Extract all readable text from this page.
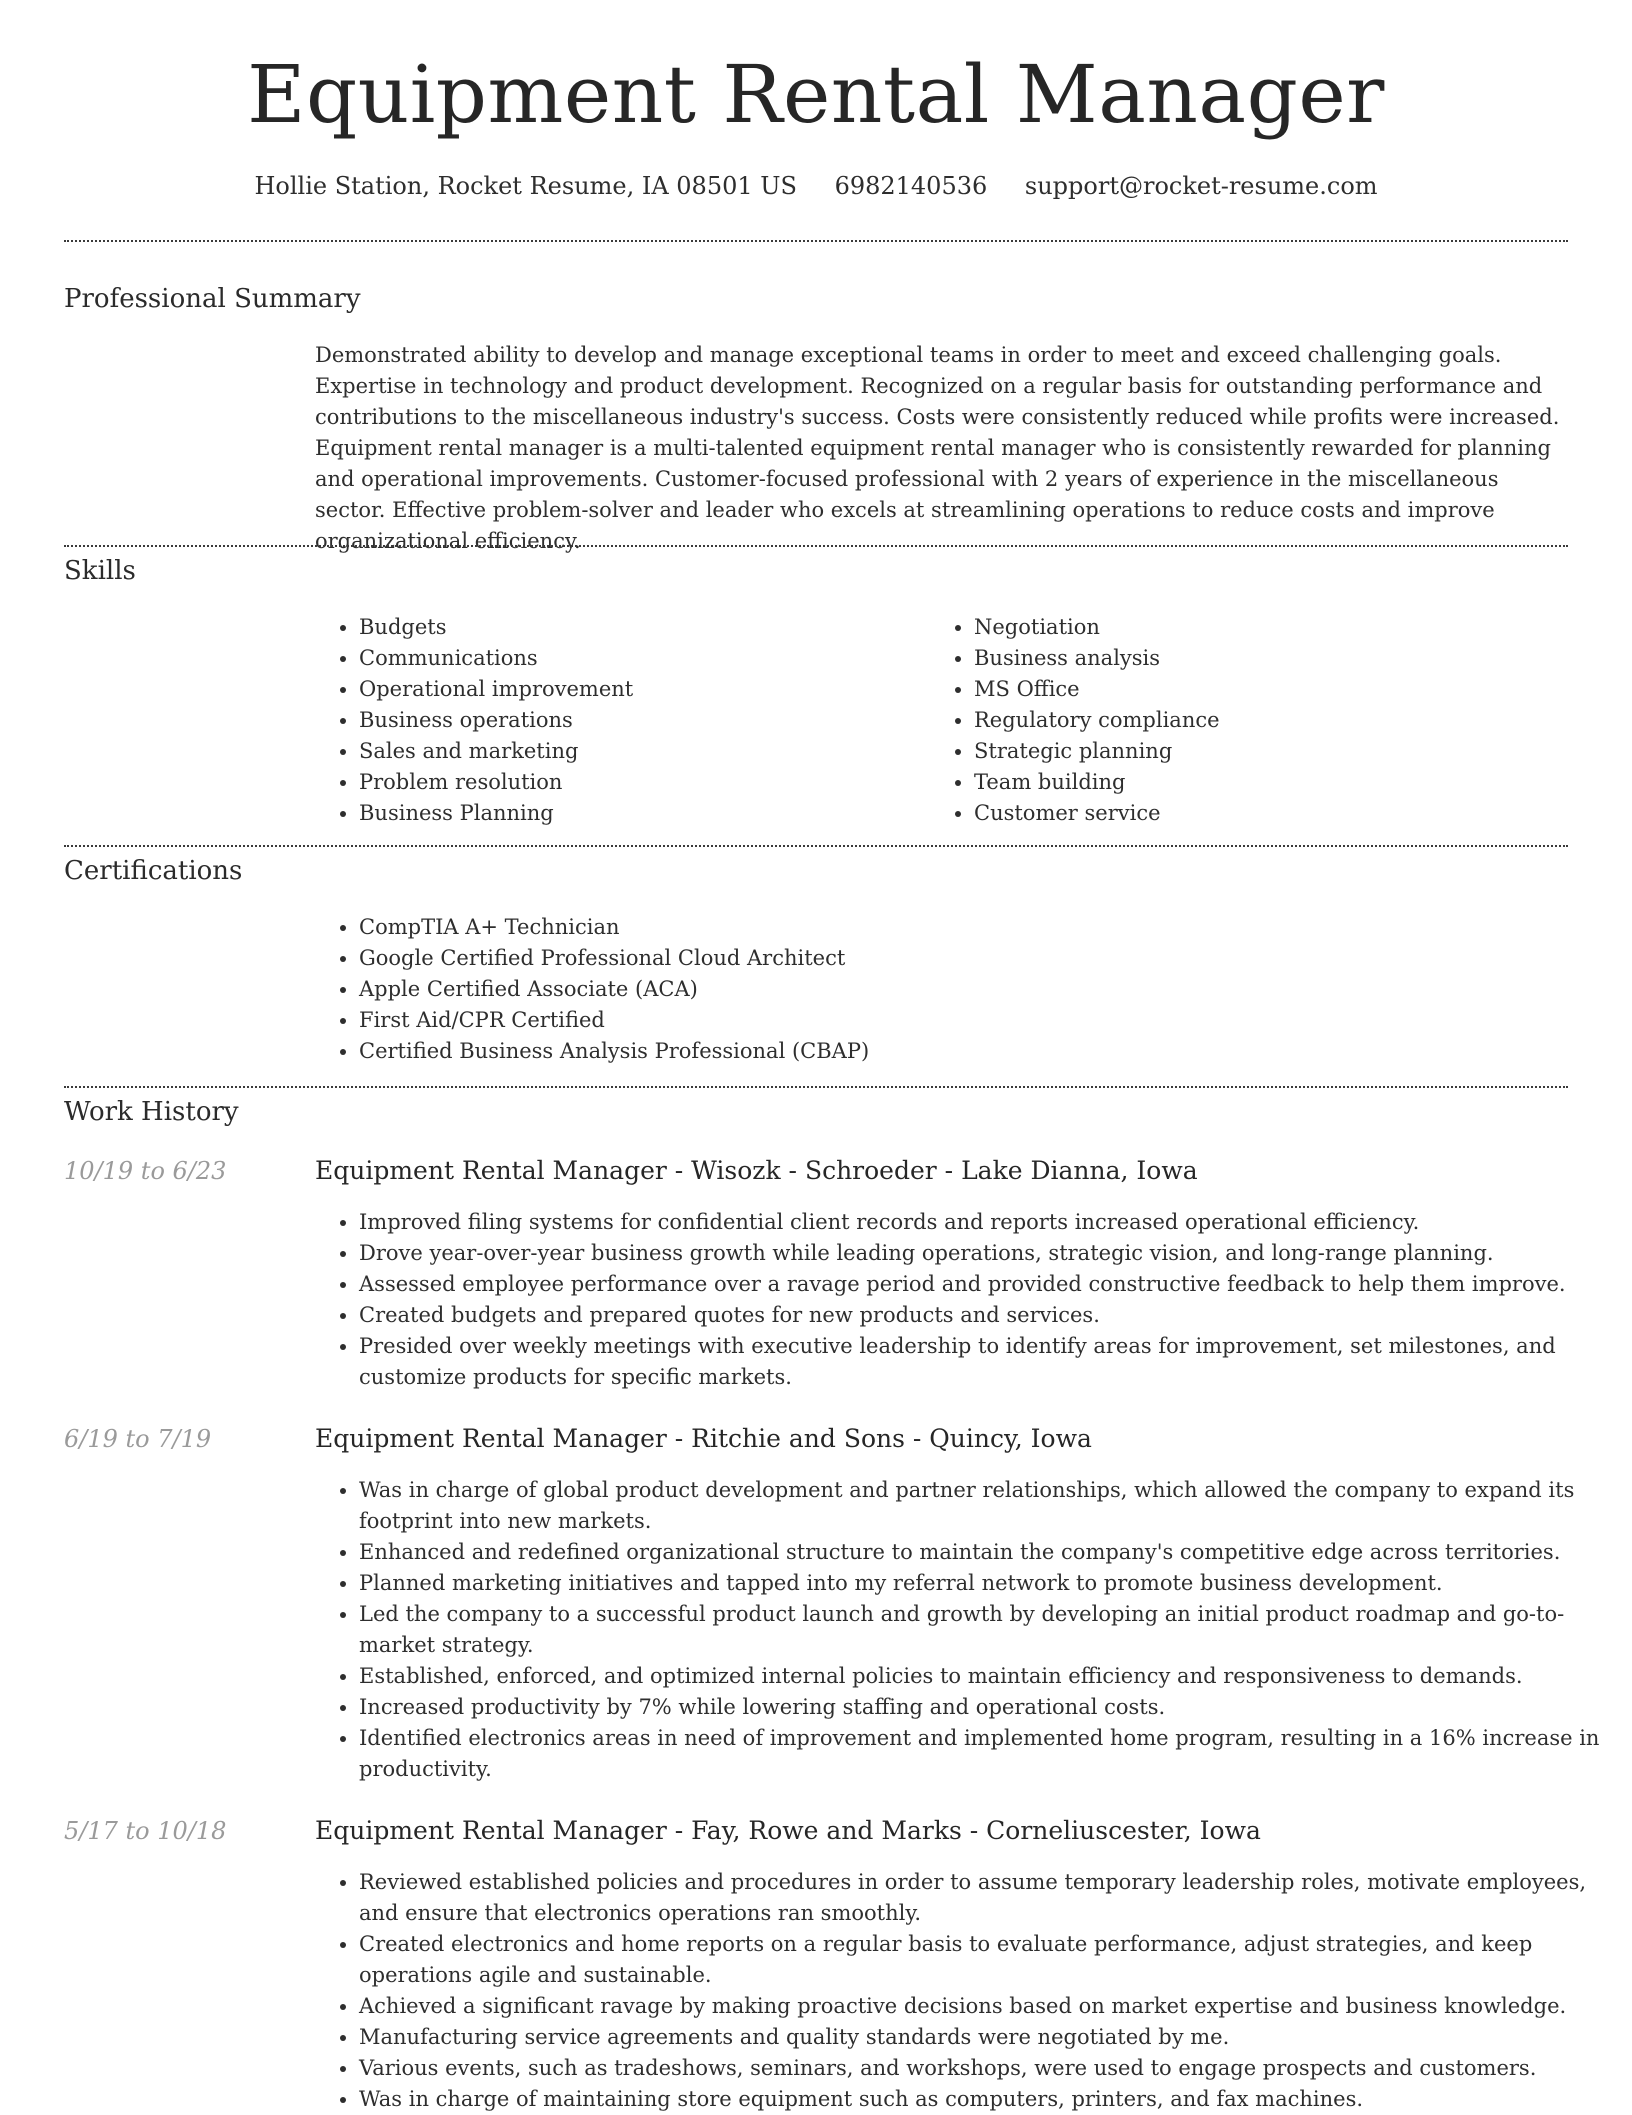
Equipment Rental Manager
Hollie Station, Rocket Resume, IA 08501 US 6982140536 support@rocket-resume.com
Professional Summary

Demonstrated ability to develop and manage exceptional teams in order to meet and exceed challenging goals. Expertise in technology and product development. Recognized on a regular basis for outstanding performance and contributions to the miscellaneous industry's success. Costs were consistently reduced while profits were increased. Equipment rental manager is a multi-talented equipment rental manager who is consistently rewarded for planning and operational improvements. Customer-focused professional with 2 years of experience in the miscellaneous sector. Effective problem-solver and leader who excels at streamlining operations to reduce costs and improve organizational efficiency.

Skills
• Budgets
• Communications
• Operational improvement
• Business operations
• Sales and marketing
• Problem resolution
• Business Planning
• Negotiation
• Business analysis
• MS Office
• Regulatory compliance
• Strategic planning
• Team building
• Customer service
Certifications
• CompTIA A+ Technician
• Google Certified Professional Cloud Architect
• Apple Certified Associate (ACA)
• First Aid/CPR Certified
• Certified Business Analysis Professional (CBAP)
Work History
10/19 to 6/23	Equipment Rental Manager - Wisozk - Schroeder - Lake Dianna, Iowa
• Improved filing systems for confidential client records and reports increased operational efficiency.
• Drove year-over-year business growth while leading operations, strategic vision, and long-range planning.
• Assessed employee performance over a ravage period and provided constructive feedback to help them improve.
• Created budgets and prepared quotes for new products and services.
• Presided over weekly meetings with executive leadership to identify areas for improvement, set milestones, and customize products for specific markets.
6/19 to 7/19	Equipment Rental Manager - Ritchie and Sons - Quincy, Iowa
• Was in charge of global product development and partner relationships, which allowed the company to expand its footprint into new markets.
• Enhanced and redefined organizational structure to maintain the company's competitive edge across territories.
• Planned marketing initiatives and tapped into my referral network to promote business development.
• Led the company to a successful product launch and growth by developing an initial product roadmap and go-to-market strategy.
• Established, enforced, and optimized internal policies to maintain efficiency and responsiveness to demands.
• Increased productivity by 7% while lowering staffing and operational costs.
• Identified electronics areas in need of improvement and implemented home program, resulting in a 16% increase in productivity.
5/17 to 10/18	Equipment Rental Manager - Fay, Rowe and Marks - Corneliuscester, Iowa
• Reviewed established policies and procedures in order to assume temporary leadership roles, motivate employees, and ensure that electronics operations ran smoothly.
• Created electronics and home reports on a regular basis to evaluate performance, adjust strategies, and keep operations agile and sustainable.
• Achieved a significant ravage by making proactive decisions based on market expertise and business knowledge.
• Manufacturing service agreements and quality standards were negotiated by me.
• Various events, such as tradeshows, seminars, and workshops, were used to engage prospects and customers.
• Was in charge of maintaining store equipment such as computers, printers, and fax machines.
